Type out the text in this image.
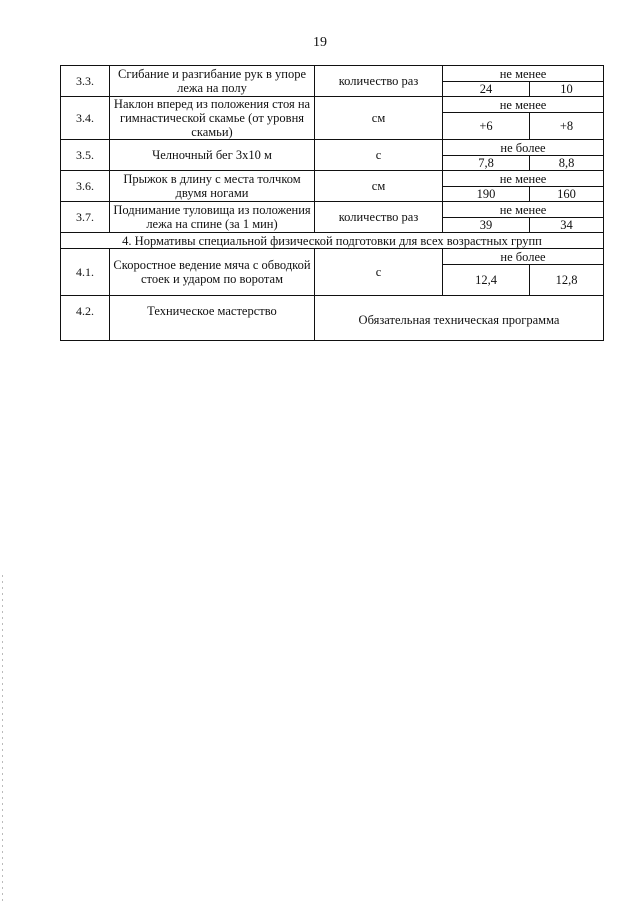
19
3.3.	Сгибание и разгибание рук в упоре лежа на полу	количество раз	не менее	
			24	10
3.4.	Наклон вперед из положения стоя на гимнастической скамье (от уровня скамьи)	см	не менее	
			+6	+8
3.5.	Челночный бег 3х10 м	с	не более	
			7,8	8,8
3.6.	Прыжок в длину с места толчком двумя ногами	см	не менее	
			190	160
3.7.	Поднимание туловища из положения лежа на спине (за 1 мин)	количество раз	не менее	
			39	34
4. Нормативы специальной физической подготовки для всех возрастных групп				
4.1.	Скоростное ведение мяча с обводкой стоек и ударом по воротам	с	не более	
			12,4	12,8
4.2.	Техническое мастерство	Обязательная техническая программа		
